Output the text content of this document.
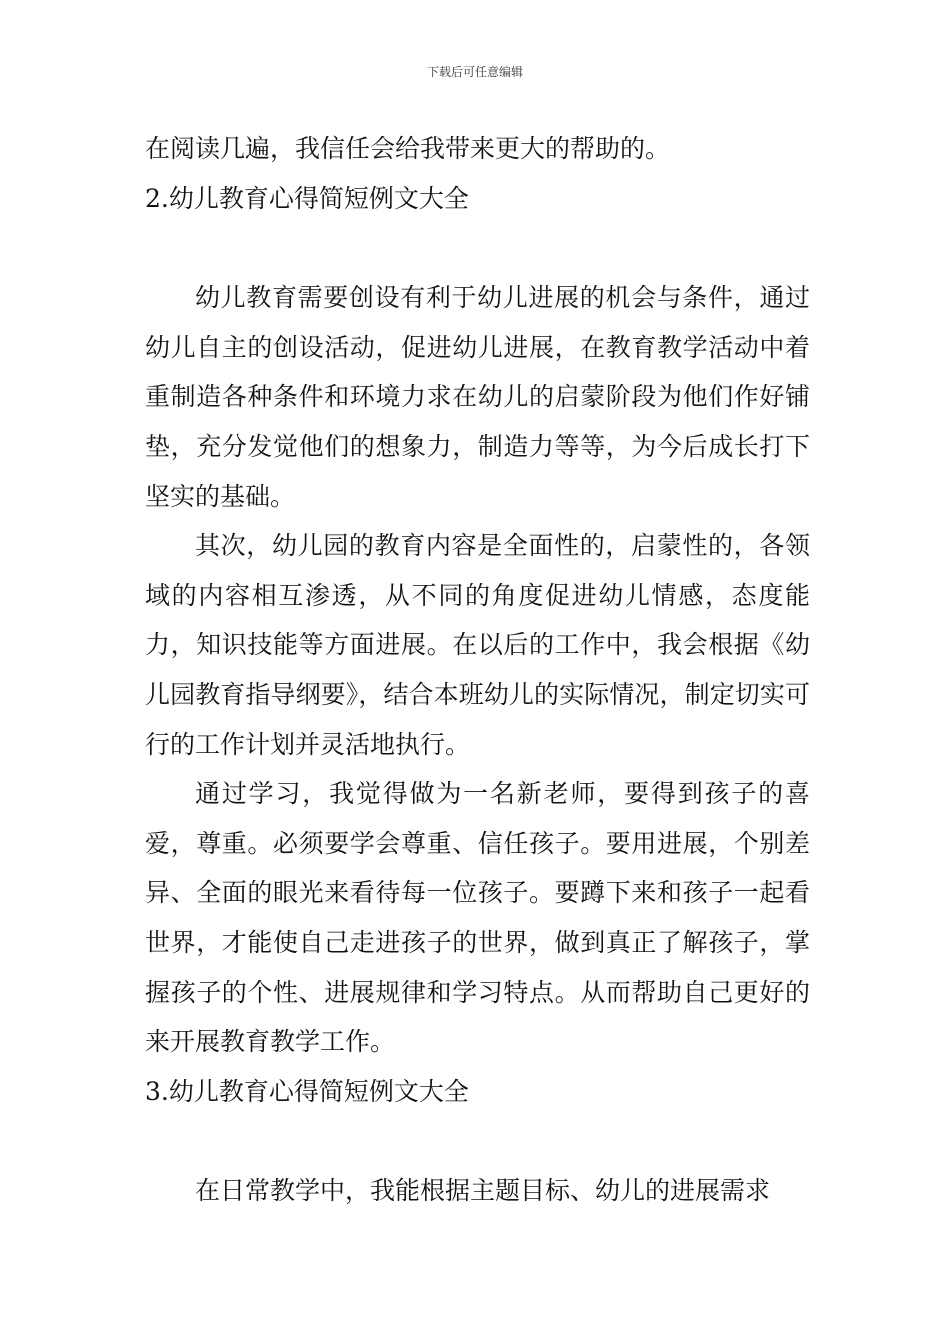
下载后可任意编辑

在阅读几遍，我信任会给我带来更大的帮助的。

2.幼儿教育心得简短例文大全

幼儿教育需要创设有利于幼儿进展的机会与条件，通过幼儿自主的创设活动，促进幼儿进展，在教育教学活动中着重制造各种条件和环境力求在幼儿的启蒙阶段为他们作好铺垫，充分发觉他们的想象力，制造力等等，为今后成长打下坚实的基础。

其次，幼儿园的教育内容是全面性的，启蒙性的，各领域的内容相互渗透，从不同的角度促进幼儿情感，态度能力，知识技能等方面进展。在以后的工作中，我会根据《幼儿园教育指导纲要》，结合本班幼儿的实际情况，制定切实可行的工作计划并灵活地执行。

通过学习，我觉得做为一名新老师，要得到孩子的喜爱，尊重。必须要学会尊重、信任孩子。要用进展，个别差异、全面的眼光来看待每一位孩子。要蹲下来和孩子一起看世界，才能使自己走进孩子的世界，做到真正了解孩子，掌握孩子的个性、进展规律和学习特点。从而帮助自己更好的来开展教育教学工作。

3.幼儿教育心得简短例文大全

在日常教学中，我能根据主题目标、幼儿的进展需求
